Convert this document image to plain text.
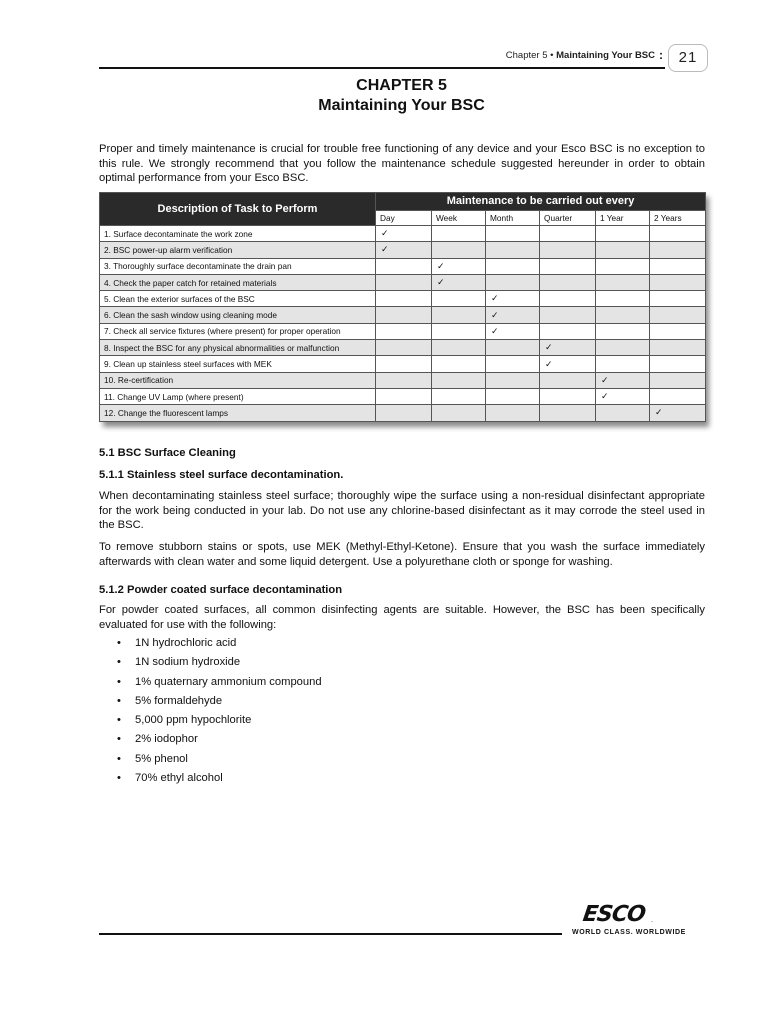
Chapter 5 • Maintaining Your BSC :	21
CHAPTER 5
Maintaining Your BSC

Proper and timely maintenance is crucial for trouble free functioning of any device and your Esco BSC is no exception to this rule. We strongly recommend that you follow the maintenance schedule suggested hereunder in order to obtain optimal performance from your Esco BSC.

Description of Task to Perform	Maintenance to be carried out every					
	Day	Week	Month	Quarter	1 Year	2 Years
1. Surface decontaminate the work zone	✓					
2. BSC power-up alarm verification	✓					
3. Thoroughly surface decontaminate the drain pan		✓				
4. Check the paper catch for retained materials		✓				
5. Clean the exterior surfaces of the BSC			✓			
6. Clean the sash window using cleaning mode			✓			
7. Check all service fixtures (where present) for proper operation			✓			
8. Inspect the BSC for any physical abnormalities or malfunction				✓		
9. Clean up stainless steel surfaces with MEK				✓		
10. Re-certification					✓	
11. Change UV Lamp (where present)					✓	
12. Change the fluorescent lamps						✓
5.1 BSC Surface Cleaning
5.1.1 Stainless steel surface decontamination.

When decontaminating stainless steel surface; thoroughly wipe the surface using a non-residual disinfectant appropriate for the work being conducted in your lab. Do not use any chlorine-based disinfectant as it may corrode the steel used in the BSC.

To remove stubborn stains or spots, use MEK (Methyl-Ethyl-Ketone). Ensure that you wash the surface immediately afterwards with clean water and some liquid detergent. Use a polyurethane cloth or sponge for washing.

5.1.2 Powder coated surface decontamination

For powder coated surfaces, all common disinfecting agents are suitable. However, the BSC has been specifically evaluated for use with the following:

• 1N hydrochloric acid
• 1N sodium hydroxide
• 1% quaternary ammonium compound
• 5% formaldehyde
• 5,000 ppm hypochlorite
• 2% iodophor
• 5% phenol
• 70% ethyl alcohol
ESCO .
WORLD CLASS. WORLDWIDE
